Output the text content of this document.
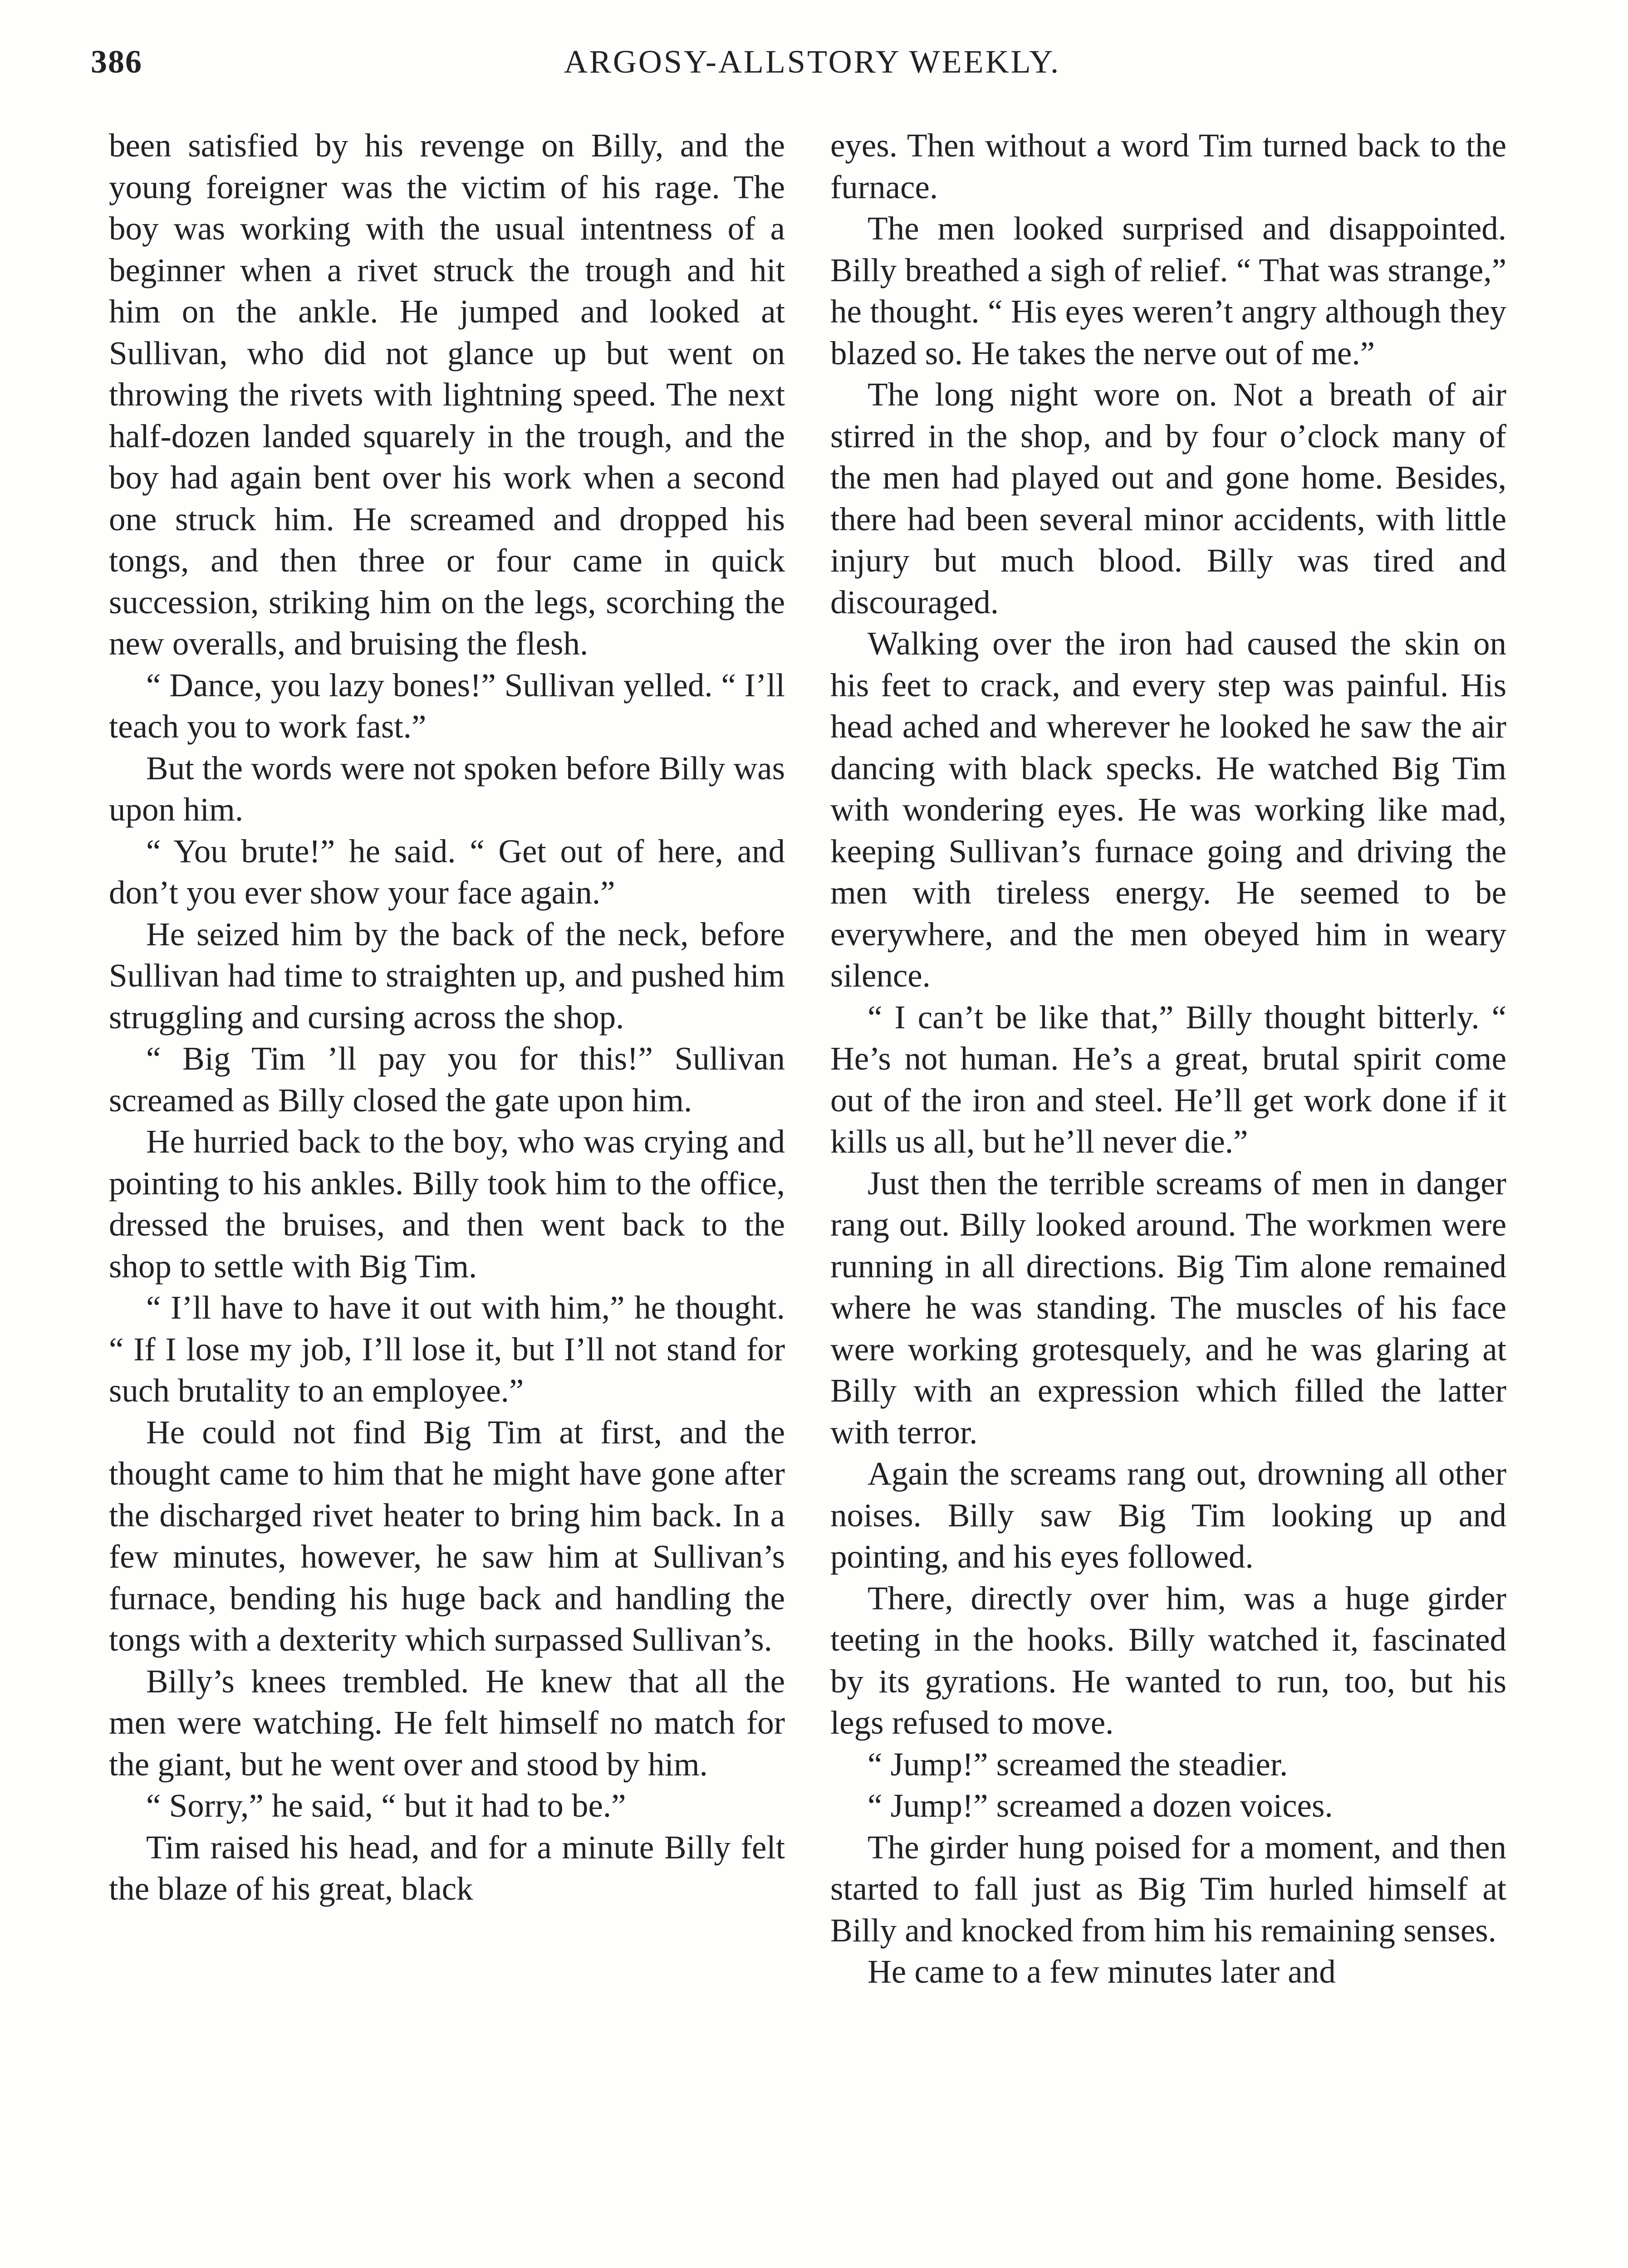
386	ARGOSY-ALLSTORY WEEKLY.

been satisfied by his revenge on Billy, and the young foreigner was the victim of his rage. The boy was working with the usual intentness of a beginner when a rivet struck the trough and hit him on the ankle. He jumped and looked at Sullivan, who did not glance up but went on throwing the rivets with lightning speed. The next half-dozen landed squarely in the trough, and the boy had again bent over his work when a second one struck him. He screamed and dropped his tongs, and then three or four came in quick succession, striking him on the legs, scorching the new overalls, and bruising the flesh.

“ Dance, you lazy bones!” Sullivan yelled. “ I’ll teach you to work fast.”

But the words were not spoken before Billy was upon him.

“ You brute!” he said. “ Get out of here, and don’t you ever show your face again.”

He seized him by the back of the neck, before Sullivan had time to straighten up, and pushed him struggling and cursing across the shop.

“ Big Tim ’ll pay you for this!” Sullivan screamed as Billy closed the gate upon him.

He hurried back to the boy, who was crying and pointing to his ankles. Billy took him to the office, dressed the bruises, and then went back to the shop to settle with Big Tim.

“ I’ll have to have it out with him,” he thought. “ If I lose my job, I’ll lose it, but I’ll not stand for such brutality to an employee.”

He could not find Big Tim at first, and the thought came to him that he might have gone after the discharged rivet heater to bring him back. In a few minutes, however, he saw him at Sullivan’s furnace, bending his huge back and handling the tongs with a dexterity which surpassed Sullivan’s.

Billy’s knees trembled. He knew that all the men were watching. He felt himself no match for the giant, but he went over and stood by him.

“ Sorry,” he said, “ but it had to be.”

Tim raised his head, and for a minute Billy felt the blaze of his great, black

eyes. Then without a word Tim turned back to the furnace.

The men looked surprised and disappointed. Billy breathed a sigh of relief. “ That was strange,” he thought. “ His eyes weren’t angry although they blazed so. He takes the nerve out of me.”

The long night wore on. Not a breath of air stirred in the shop, and by four o’clock many of the men had played out and gone home. Besides, there had been several minor accidents, with little injury but much blood. Billy was tired and discouraged.

Walking over the iron had caused the skin on his feet to crack, and every step was painful. His head ached and wherever he looked he saw the air dancing with black specks. He watched Big Tim with wondering eyes. He was working like mad, keeping Sullivan’s furnace going and driving the men with tireless energy. He seemed to be everywhere, and the men obeyed him in weary silence.

“ I can’t be like that,” Billy thought bitterly. “ He’s not human. He’s a great, brutal spirit come out of the iron and steel. He’ll get work done if it kills us all, but he’ll never die.”

Just then the terrible screams of men in danger rang out. Billy looked around. The workmen were running in all directions. Big Tim alone remained where he was standing. The muscles of his face were working grotesquely, and he was glaring at Billy with an expression which filled the latter with terror.

Again the screams rang out, drowning all other noises. Billy saw Big Tim looking up and pointing, and his eyes followed.

There, directly over him, was a huge girder teeting in the hooks. Billy watched it, fascinated by its gyrations. He wanted to run, too, but his legs refused to move.

“ Jump!” screamed the steadier.

“ Jump!” screamed a dozen voices.

The girder hung poised for a moment, and then started to fall just as Big Tim hurled himself at Billy and knocked from him his remaining senses.

He came to a few minutes later and
